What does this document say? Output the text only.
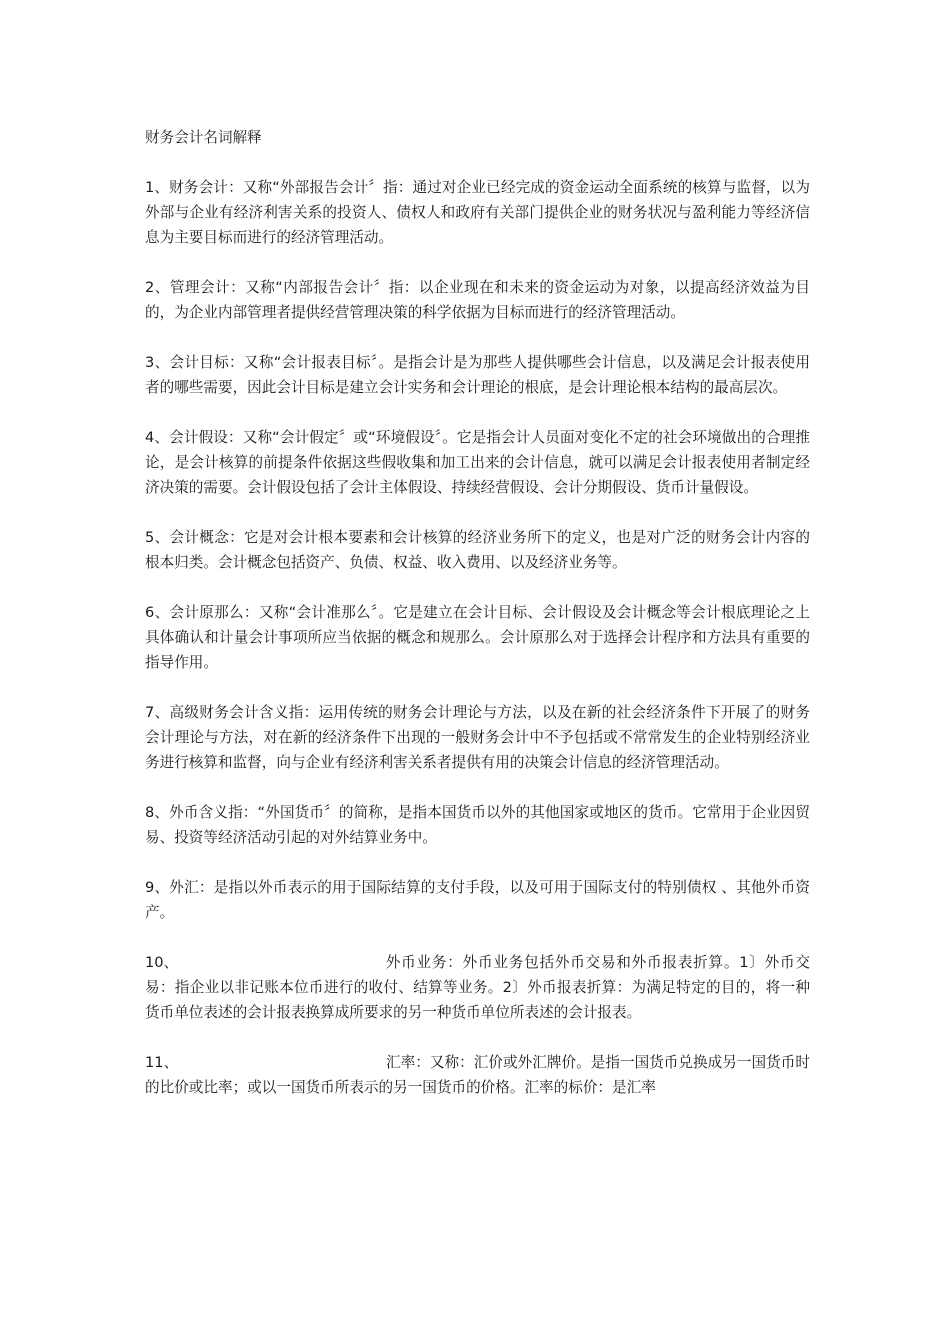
财务会计名词解释

1、财务会计：又称“外部报告会计〞指：通过对企业已经完成的资金运动全面系统的核算与监督，以为外部与企业有经济利害关系的投资人、债权人和政府有关部门提供企业的财务状况与盈利能力等经济信息为主要目标而进行的经济管理活动。

2、管理会计：又称“内部报告会计〞指：以企业现在和未来的资金运动为对象，以提高经济效益为目的，为企业内部管理者提供经营管理决策的科学依据为目标而进行的经济管理活动。

3、会计目标：又称“会计报表目标〞。是指会计是为那些人提供哪些会计信息，以及满足会计报表使用者的哪些需要，因此会计目标是建立会计实务和会计理论的根底，是会计理论根本结构的最高层次。

4、会计假设：又称“会计假定〞或“环境假设〞。它是指会计人员面对变化不定的社会环境做出的合理推论，是会计核算的前提条件依据这些假收集和加工出来的会计信息，就可以满足会计报表使用者制定经济决策的需要。会计假设包括了会计主体假设、持续经营假设、会计分期假设、货币计量假设。

5、会计概念：它是对会计根本要素和会计核算的经济业务所下的定义，也是对广泛的财务会计内容的根本归类。会计概念包括资产、负债、权益、收入费用、以及经济业务等。

6、会计原那么：又称“会计准那么〞。它是建立在会计目标、会计假设及会计概念等会计根底理论之上具体确认和计量会计事项所应当依据的概念和规那么。会计原那么对于选择会计程序和方法具有重要的指导作用。

7、高级财务会计含义指：运用传统的财务会计理论与方法，以及在新的社会经济条件下开展了的财务会计理论与方法，对在新的经济条件下出现的一般财务会计中不予包括或不常常发生的企业特别经济业务进行核算和监督，向与企业有经济利害关系者提供有用的决策会计信息的经济管理活动。

8、外币含义指：“外国货币〞的简称，是指本国货币以外的其他国家或地区的货币。它常用于企业因贸易、投资等经济活动引起的对外结算业务中。

9、外汇：是指以外币表示的用于国际结算的支付手段，以及可用于国际支付的特别债权 、其他外币资产。

10、	外币业务：外币业务包括外币交易和外币报表折算。1〕外币交易：指企业以非记账本位币进行的收付、结算等业务。2〕外币报表折算：为满足特定的目的，将一种货币单位表述的会计报表换算成所要求的另一种货币单位所表述的会计报表。

11、	汇率：又称：汇价或外汇牌价。是指一国货币兑换成另一国货币时的比价或比率；或以一国货币所表示的另一国货币的价格。汇率的标价：是汇率
